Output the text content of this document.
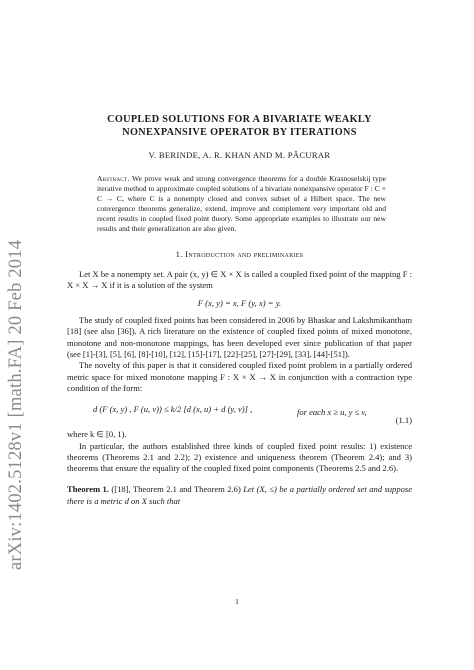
arXiv:1402.5128v1 [math.FA] 20 Feb 2014
COUPLED SOLUTIONS FOR A BIVARIATE WEAKLY
NONEXPANSIVE OPERATOR BY ITERATIONS
V. BERINDE, A. R. KHAN AND M. PĂCURAR
Abstract. We prove weak and strong convergence theorems for a double Krasnoselskij type iterative method to approximate coupled solutions of a bivariate nonexpansive operator F : C × C → C, where C is a nonempty closed and convex subset of a Hilbert space. The new convergence theorems generalize, extend, improve and complement very important old and recent results in coupled fixed point theory. Some appropriate examples to illustrate our new results and their generalization are also given.
1. Introduction and preliminaries

Let X be a nonempty set. A pair (x, y) ∈ X × X is called a coupled fixed point of the mapping F : X × X → X if it is a solution of the system

F (x, y) = x, F (y, x) = y.

The study of coupled fixed points has been considered in 2006 by Bhaskar and Lakshmikantham [18] (see also [36]). A rich literature on the existence of coupled fixed points of mixed monotone, monotone and non-monotone mappings, has been developed ever since publication of that paper (see [1]-[3], [5], [6], [8]-[10], [12], [15]-[17], [22]-[25], [27]-[29], [33], [44]-[51]).

The novelty of this paper is that it considered coupled fixed point problem in a partially ordered metric space for mixed monotone mapping F : X × X → X in conjunction with a contraction type condition of the form:

d (F (x, y) , F (u, v)) ≤ k/2 [d (x, u) + d (y, v)] ,	for each x ≥ u, y ≤ v,
(1.1)

where k ∈ [0, 1).

In particular, the authors established three kinds of coupled fixed point results: 1) existence theorems (Theorems 2.1 and 2.2); 2) existence and uniqueness theorem (Theorem 2.4); and 3) theorems that ensure the equality of the coupled fixed point components (Theorems 2.5 and 2.6).

Theorem 1. ([18], Theorem 2.1 and Theorem 2.6) Let (X, ≤) be a partially ordered set and suppose there is a metric d on X such that
1
